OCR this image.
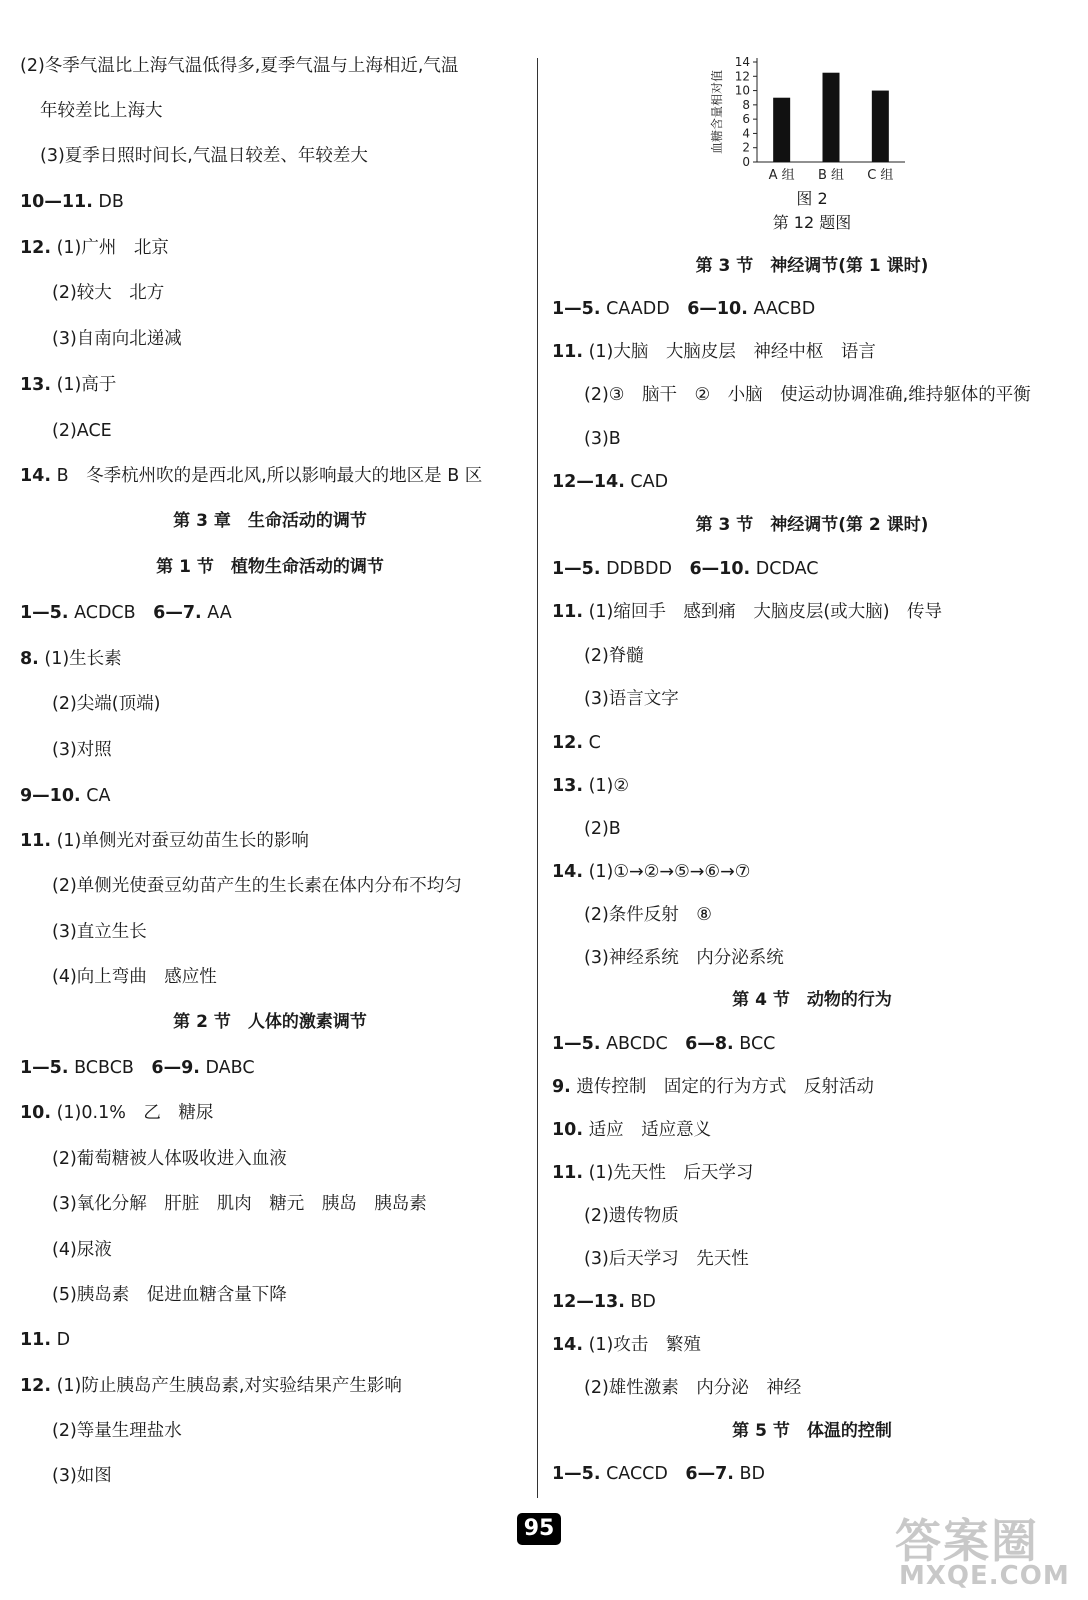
(2)冬季气温比上海气温低得多,夏季气温与上海相近,气温
年较差比上海大
(3)夏季日照时间长,气温日较差、年较差大
10—11. DB
12. (1)广州　北京
(2)较大　北方
(3)自南向北递减
13. (1)高于
(2)ACE
14. B　冬季杭州吹的是西北风,所以影响最大的地区是 B 区
第 3 章　生命活动的调节
第 1 节　植物生命活动的调节
1—5. ACDCB　6—7. AA
8. (1)生长素
(2)尖端(顶端)
(3)对照
9—10. CA
11. (1)单侧光对蚕豆幼苗生长的影响
(2)单侧光使蚕豆幼苗产生的生长素在体内分布不均匀
(3)直立生长
(4)向上弯曲　感应性
第 2 节　人体的激素调节
1—5. BCBCB　6—9. DABC
10. (1)0.1%　乙　糖尿
(2)葡萄糖被人体吸收进入血液
(3)氧化分解　肝脏　肌肉　糖元　胰岛　胰岛素
(4)尿液
(5)胰岛素　促进血糖含量下降
11. D
12. (1)防止胰岛产生胰岛素,对实验结果产生影响
(2)等量生理盐水
(3)如图
图 2
第 12 题图
第 3 节　神经调节(第 1 课时)
1—5. CAADD　6—10. AACBD
11. (1)大脑　大脑皮层　神经中枢　语言
(2)③　脑干　②　小脑　使运动协调准确,维持躯体的平衡
(3)B
12—14. CAD
第 3 节　神经调节(第 2 课时)
1—5. DDBDD　6—10. DCDAC
11. (1)缩回手　感到痛　大脑皮层(或大脑)　传导
(2)脊髓
(3)语言文字
12. C
13. (1)②
(2)B
14. (1)①→②→⑤→⑥→⑦
(2)条件反射　⑧
(3)神经系统　内分泌系统
第 4 节　动物的行为
1—5. ABCDC　6—8. BCC
9. 遗传控制　固定的行为方式　反射活动
10. 适应　适应意义
11. (1)先天性　后天学习
(2)遗传物质
(3)后天学习　先天性
12—13. BD
14. (1)攻击　繁殖
(2)雄性激素　内分泌　神经
第 5 节　体温的控制
1—5. CACCD　6—7. BD
血糖含量相对值
0
2
4
6
8
10
12
14
A 组 B 组 C 组
95	答案圈
MXQE.COM
